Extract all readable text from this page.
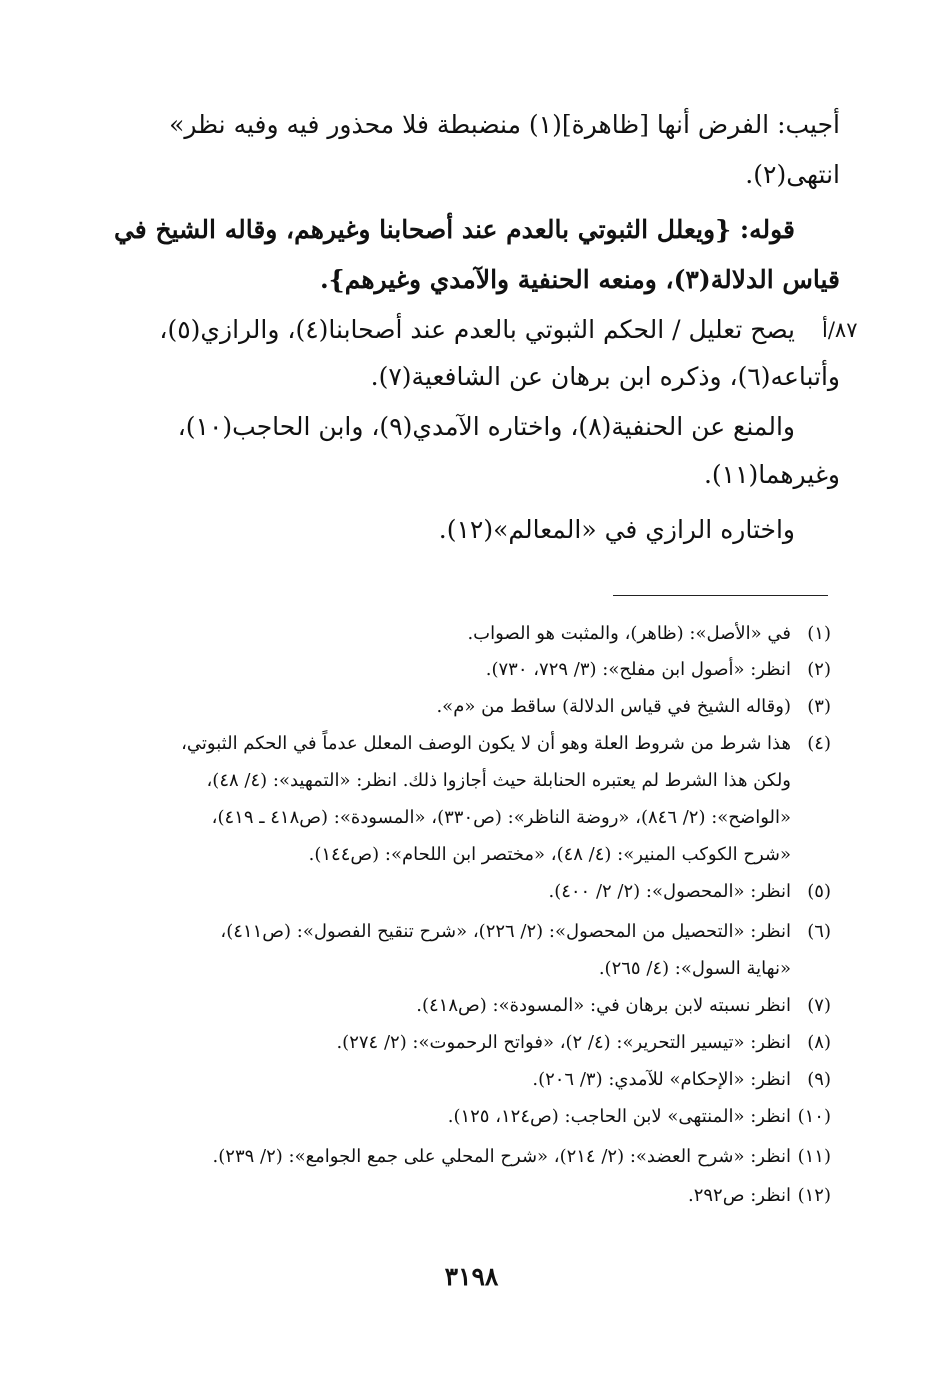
أجيب: الفرض أنها [ظاهرة](١) منضبطة فلا محذور فيه وفيه نظر»
انتهى(٢).
قوله: {ويعلل الثبوتي بالعدم عند أصحابنا وغيرهم، وقاله الشيخ في
قياس الدلالة(٣)، ومنعه الحنفية والآمدي وغيرهم}.
يصح تعليل / الحكم الثبوتي بالعدم عند أصحابنا(٤)، والرازي(٥)،
وأتباعه(٦)، وذكره ابن برهان عن الشافعية(٧).
والمنع عن الحنفية(٨)، واختاره الآمدي(٩)، وابن الحاجب(١٠)،
وغيرهما(١١).
واختاره الرازي في «المعالم»(١٢).
٨٧/أ
(١)في «الأصل»: (ظاهر)، والمثبت هو الصواب.
(٢)انظر: «أصول ابن مفلح»: (٣/ ٧٢٩، ٧٣٠).
(٣)(وقاله الشيخ في قياس الدلالة) ساقط من «م».
(٤)هذا شرط من شروط العلة وهو أن لا يكون الوصف المعلل عدماً في الحكم الثبوتي،
ولكن هذا الشرط لم يعتبره الحنابلة حيث أجازوا ذلك. انظر: «التمهيد»: (٤/ ٤٨)،
«الواضح»: (٢/ ٨٤٦)، «روضة الناظر»: (ص٣٣٠)، «المسودة»: (ص٤١٨ ـ ٤١٩)،
«شرح الكوكب المنير»: (٤/ ٤٨)، «مختصر ابن اللحام»: (ص١٤٤).
(٥)انظر: «المحصول»: (٢/ ٢/ ٤٠٠).
(٦)انظر: «التحصيل من المحصول»: (٢/ ٢٢٦)، «شرح تنقيح الفصول»: (ص٤١١)،
«نهاية السول»: (٤/ ٢٦٥).
(٧)انظر نسبته لابن برهان في: «المسودة»: (ص٤١٨).
(٨)انظر: «تيسير التحرير»: (٤/ ٢)، «فواتح الرحموت»: (٢/ ٢٧٤).
(٩)انظر: «الإحكام» للآمدي: (٣/ ٢٠٦).
(١٠)انظر: «المنتهى» لابن الحاجب: (ص١٢٤، ١٢٥).
(١١)انظر: «شرح العضد»: (٢/ ٢١٤)، «شرح المحلي على جمع الجوامع»: (٢/ ٢٣٩).
(١٢)انظر: ص٢٩٢.
٣١٩٨
